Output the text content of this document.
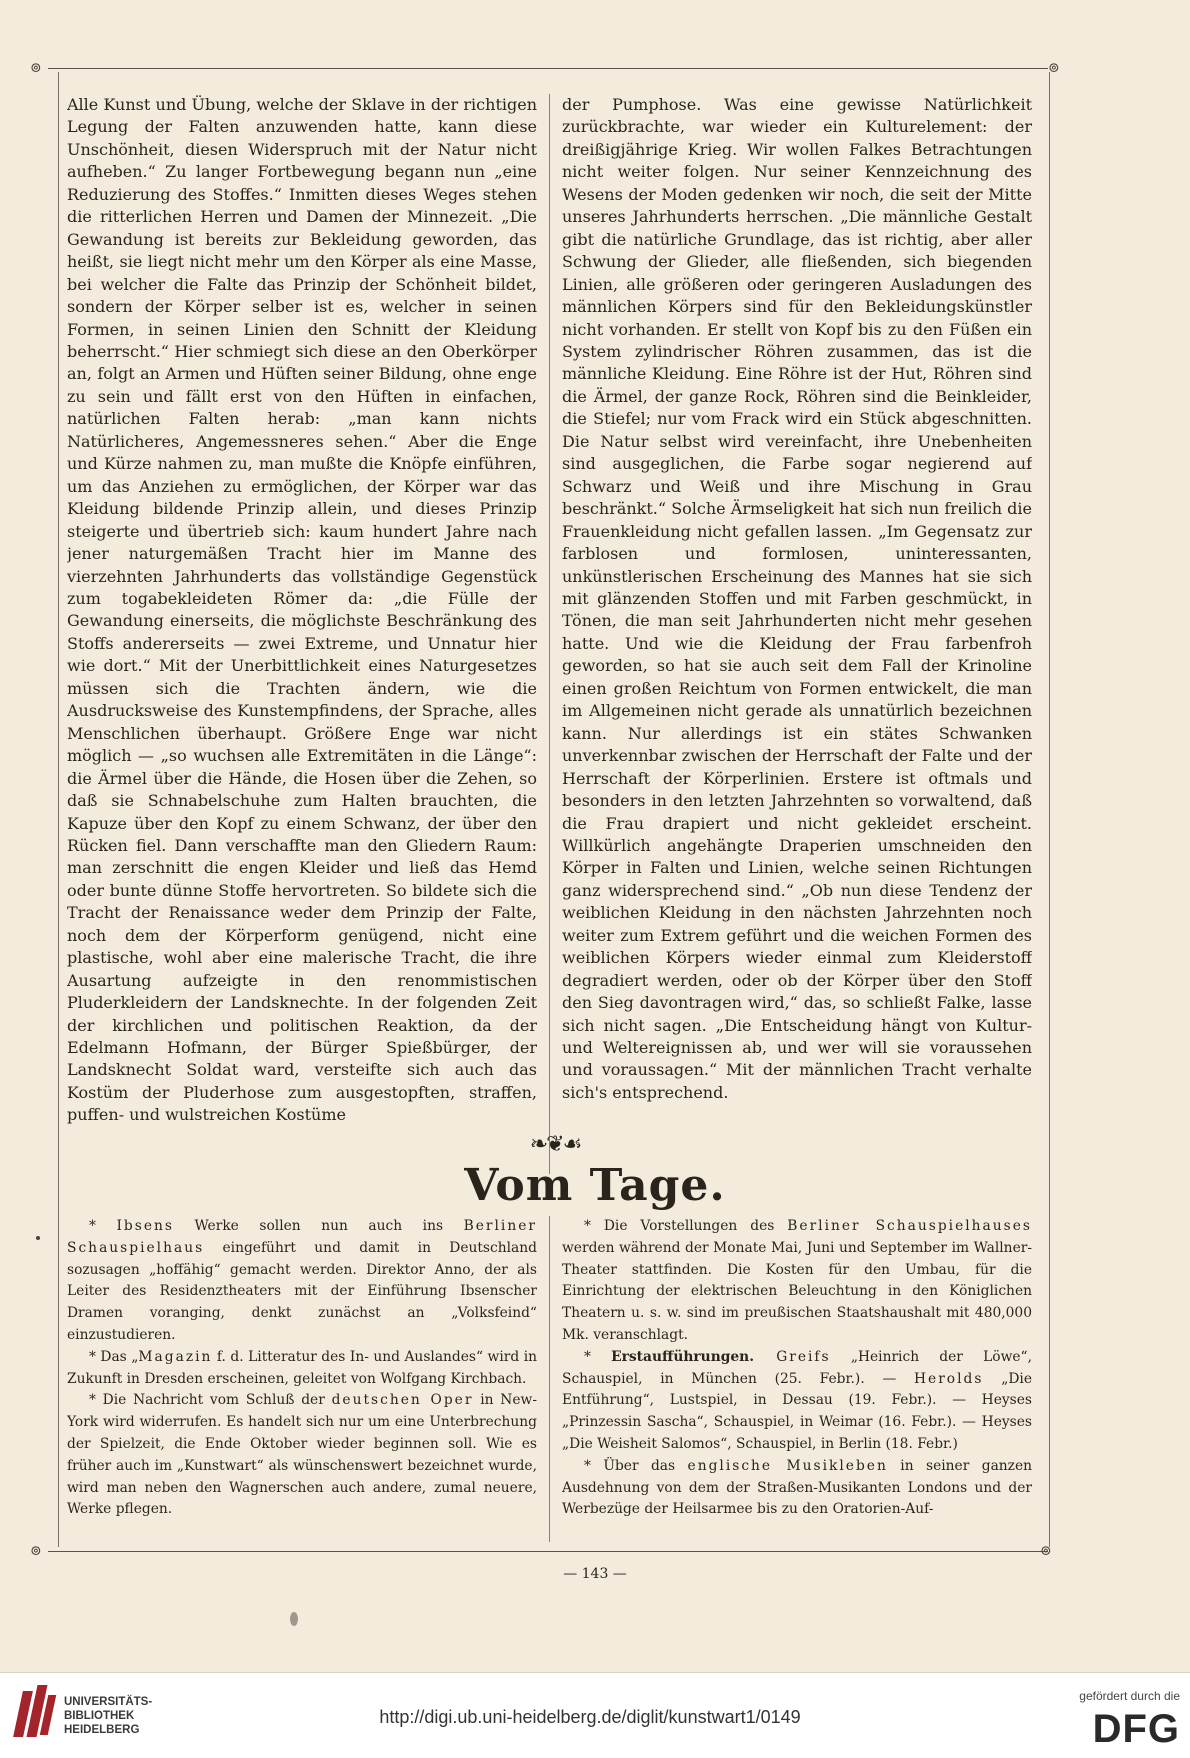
⊚	⊚
⊚	⊚
Alle Kunst und Übung, welche der Sklave in der richtigen Legung der Falten anzuwenden hatte, kann diese Unschönheit, diesen Widerspruch mit der Natur nicht aufheben.“ Zu langer Fortbewegung begann nun „eine Reduzierung des Stoffes.“ Inmitten dieses Weges stehen die ritterlichen Herren und Damen der Minnezeit. „Die Gewandung ist bereits zur Bekleidung geworden, das heißt, sie liegt nicht mehr um den Körper als eine Masse, bei welcher die Falte das Prinzip der Schönheit bildet, sondern der Körper selber ist es, welcher in seinen Formen, in seinen Linien den Schnitt der Kleidung beherrscht.“ Hier schmiegt sich diese an den Oberkörper an, folgt an Armen und Hüften seiner Bildung, ohne enge zu sein und fällt erst von den Hüften in einfachen, natürlichen Falten herab: „man kann nichts Natürlicheres, Angemessneres sehen.“ Aber die Enge und Kürze nahmen zu, man mußte die Knöpfe einführen, um das Anziehen zu ermöglichen, der Körper war das Kleidung bildende Prinzip allein, und dieses Prinzip steigerte und übertrieb sich: kaum hundert Jahre nach jener naturgemäßen Tracht hier im Manne des vierzehnten Jahrhunderts das vollständige Gegenstück zum togabekleideten Römer da: „die Fülle der Gewandung einerseits, die möglichste Beschränkung des Stoffs andererseits — zwei Extreme, und Unnatur hier wie dort.“ Mit der Unerbittlichkeit eines Naturgesetzes müssen sich die Trachten ändern, wie die Ausdrucksweise des Kunstempfindens, der Sprache, alles Menschlichen überhaupt. Größere Enge war nicht möglich — „so wuchsen alle Extremitäten in die Länge“: die Ärmel über die Hände, die Hosen über die Zehen, so daß sie Schnabelschuhe zum Halten brauchten, die Kapuze über den Kopf zu einem Schwanz, der über den Rücken fiel. Dann verschaffte man den Gliedern Raum: man zerschnitt die engen Kleider und ließ das Hemd oder bunte dünne Stoffe hervortreten. So bildete sich die Tracht der Renaissance weder dem Prinzip der Falte, noch dem der Körperform genügend, nicht eine plastische, wohl aber eine malerische Tracht, die ihre Ausartung aufzeigte in den renommistischen Pluderkleidern der Landsknechte. In der folgenden Zeit der kirchlichen und politischen Reaktion, da der Edelmann Hofmann, der Bürger Spießbürger, der Landsknecht Soldat ward, versteifte sich auch das Kostüm der Pluderhose zum ausgestopften, straffen, puffen- und wulstreichen Kostüme
der Pumphose. Was eine gewisse Natürlichkeit zurückbrachte, war wieder ein Kulturelement: der dreißigjährige Krieg. Wir wollen Falkes Betrachtungen nicht weiter folgen. Nur seiner Kennzeichnung des Wesens der Moden gedenken wir noch, die seit der Mitte unseres Jahrhunderts herrschen. „Die männliche Gestalt gibt die natürliche Grundlage, das ist richtig, aber aller Schwung der Glieder, alle fließenden, sich biegenden Linien, alle größeren oder geringeren Ausladungen des männlichen Körpers sind für den Bekleidungskünstler nicht vorhanden. Er stellt von Kopf bis zu den Füßen ein System zylindrischer Röhren zusammen, das ist die männliche Kleidung. Eine Röhre ist der Hut, Röhren sind die Ärmel, der ganze Rock, Röhren sind die Beinkleider, die Stiefel; nur vom Frack wird ein Stück abgeschnitten. Die Natur selbst wird vereinfacht, ihre Unebenheiten sind ausgeglichen, die Farbe sogar negierend auf Schwarz und Weiß und ihre Mischung in Grau beschränkt.“ Solche Ärmseligkeit hat sich nun freilich die Frauenkleidung nicht gefallen lassen. „Im Gegensatz zur farblosen und formlosen, uninteressanten, unkünstlerischen Erscheinung des Mannes hat sie sich mit glänzenden Stoffen und mit Farben geschmückt, in Tönen, die man seit Jahrhunderten nicht mehr gesehen hatte. Und wie die Kleidung der Frau farbenfroh geworden, so hat sie auch seit dem Fall der Krinoline einen großen Reichtum von Formen entwickelt, die man im Allgemeinen nicht gerade als unnatürlich bezeichnen kann. Nur allerdings ist ein stätes Schwanken unverkennbar zwischen der Herrschaft der Falte und der Herrschaft der Körperlinien. Erstere ist oftmals und besonders in den letzten Jahrzehnten so vorwaltend, daß die Frau drapiert und nicht gekleidet erscheint. Willkürlich angehängte Draperien umschneiden den Körper in Falten und Linien, welche seinen Richtungen ganz widersprechend sind.“ „Ob nun diese Tendenz der weiblichen Kleidung in den nächsten Jahrzehnten noch weiter zum Extrem geführt und die weichen Formen des weiblichen Körpers wieder einmal zum Kleiderstoff degradiert werden, oder ob der Körper über den Stoff den Sieg davontragen wird,“ das, so schließt Falke, lasse sich nicht sagen. „Die Entscheidung hängt von Kultur- und Weltereignissen ab, und wer will sie voraussehen und voraussagen.“ Mit der männlichen Tracht verhalte sich's entsprechend.
❧❦☙
Vom Tage.

* Ibsens Werke sollen nun auch ins Berliner Schauspielhaus eingeführt und damit in Deutschland sozusagen „hoffähig“ gemacht werden. Direktor Anno, der als Leiter des Residenztheaters mit der Einführung Ibsenscher Dramen voranging, denkt zunächst an „Volksfeind“ einzustudieren.

* Das „Magazin f. d. Litteratur des In- und Auslandes“ wird in Zukunft in Dresden erscheinen, geleitet von Wolfgang Kirchbach.

* Die Nachricht vom Schluß der deutschen Oper in New-York wird widerrufen. Es handelt sich nur um eine Unterbrechung der Spielzeit, die Ende Oktober wieder beginnen soll. Wie es früher auch im „Kunstwart“ als wünschenswert bezeichnet wurde, wird man neben den Wagnerschen auch andere, zumal neuere, Werke pflegen.

* Die Vorstellungen des Berliner Schauspielhauses werden während der Monate Mai, Juni und September im Wallner-Theater stattfinden. Die Kosten für den Umbau, für die Einrichtung der elektrischen Beleuchtung in den Königlichen Theatern u. s. w. sind im preußischen Staatshaushalt mit 480,000 Mk. veranschlagt.

* Erstaufführungen. Greifs „Heinrich der Löwe“, Schauspiel, in München (25. Febr.). — Herolds „Die Entführung“, Lustspiel, in Dessau (19. Febr.). — Heyses „Prinzessin Sascha“, Schauspiel, in Weimar (16. Febr.). — Heyses „Die Weisheit Salomos“, Schauspiel, in Berlin (18. Febr.)

* Über das englische Musikleben in seiner ganzen Ausdehnung von dem der Straßen-Musikanten Londons und der Werbezüge der Heilsarmee bis zu den Oratorien-Auf-

— 143 —
UNIVERSITÄTS-
BIBLIOTHEK
HEIDELBERG
http://digi.ub.uni-heidelberg.de/diglit/kunstwart1/0149
gefördert durch die
DFG
